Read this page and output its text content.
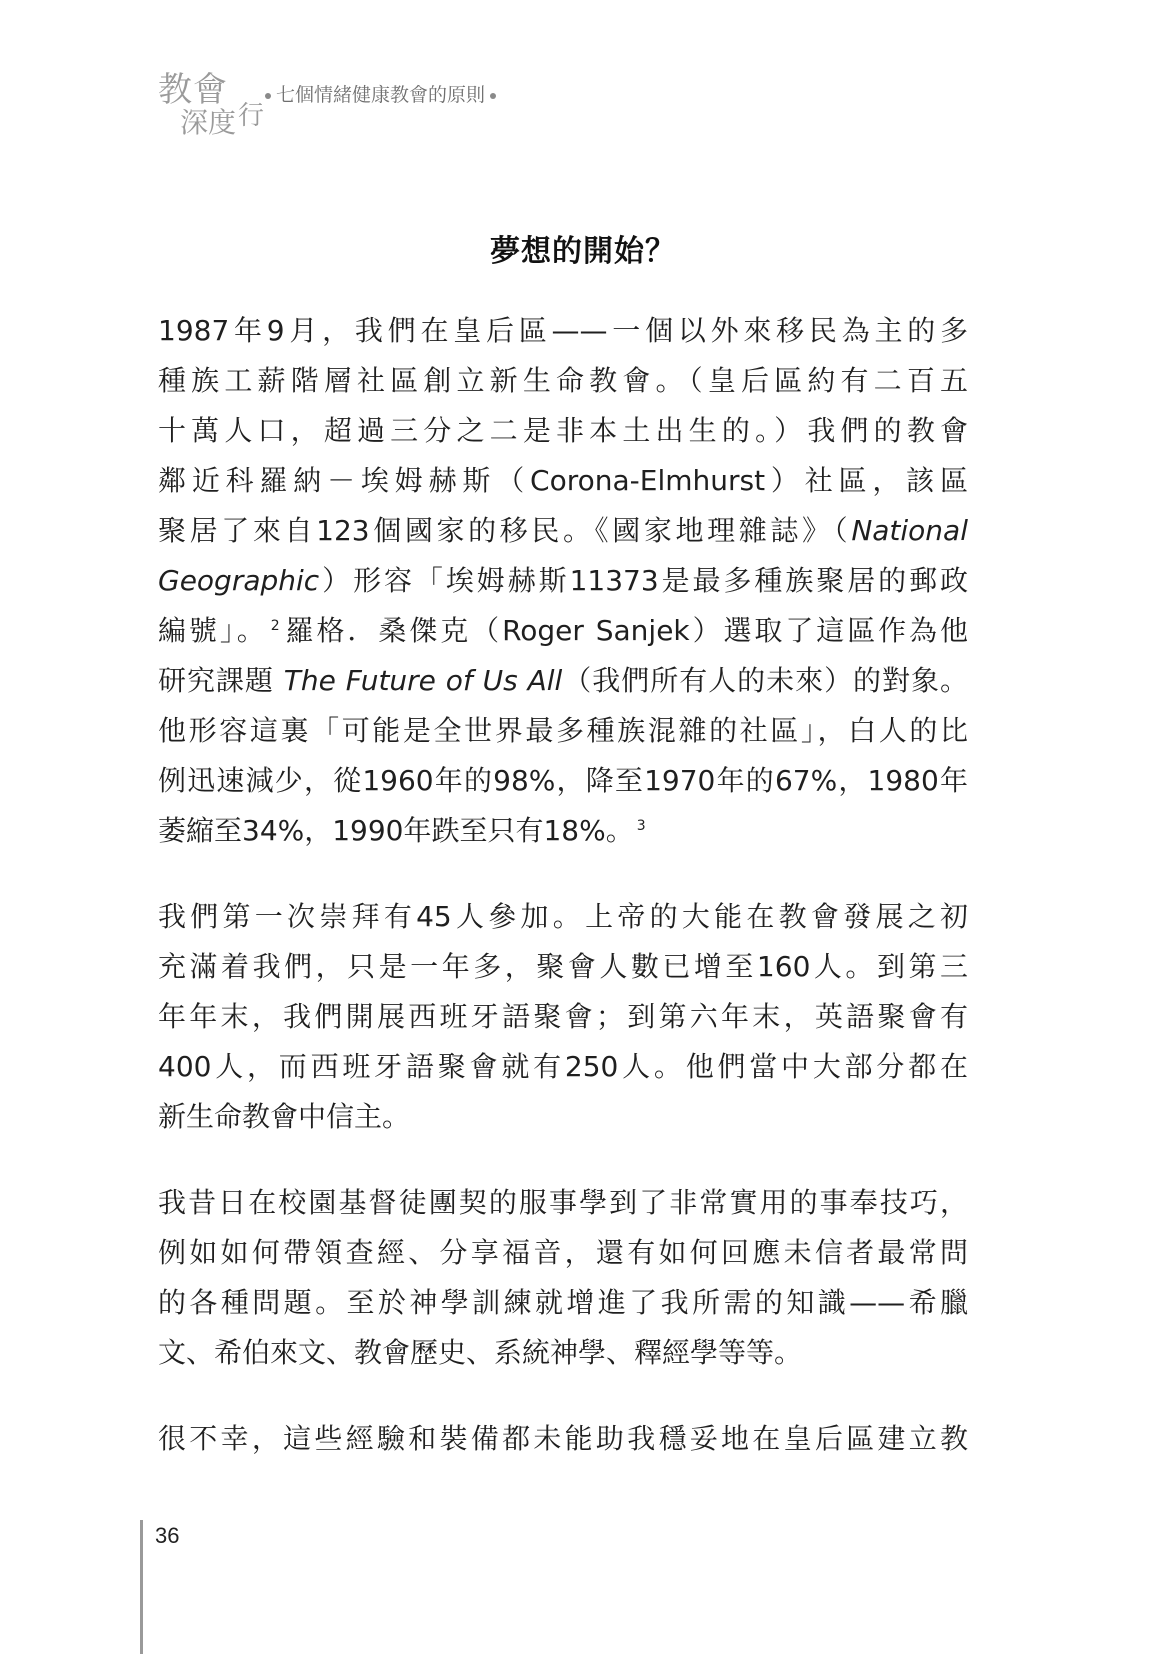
教會
深度行
七個情緒健康教會的原則
夢想的開始？
1987年9月，我們在皇后區——一個以外來移民為主的多
種族工薪階層社區創立新生命教會。（皇后區約有二百五
十萬人口，超過三分之二是非本土出生的。）我們的教會
鄰近科羅納－埃姆赫斯（Corona-Elmhurst）社區，該區
聚居了來自123個國家的移民。《國家地理雜誌》（National
Geographic）形容「埃姆赫斯11373是最多種族聚居的郵政
編號」。 $^2$ 羅格．桑傑克（Roger Sanjek）選取了這區作為他
研究課題 The Future of Us All（我們所有人的未來）的對象。
他形容這裏「可能是全世界最多種族混雜的社區」，白人的比
例迅速減少，從1960年的98%，降至1970年的67%，1980年
萎縮至34%，1990年跌至只有18%。 $^3$
我們第一次崇拜有45人參加。上帝的大能在教會發展之初
充滿着我們，只是一年多，聚會人數已增至160人。到第三
年年末，我們開展西班牙語聚會；到第六年末，英語聚會有
400人，而西班牙語聚會就有250人。他們當中大部分都在
新生命教會中信主。
我昔日在校園基督徒團契的服事學到了非常實用的事奉技巧，
例如如何帶領查經、分享福音，還有如何回應未信者最常問
的各種問題。至於神學訓練就增進了我所需的知識——希臘
文、希伯來文、教會歷史、系統神學、釋經學等等。
很不幸，這些經驗和裝備都未能助我穩妥地在皇后區建立教
36
